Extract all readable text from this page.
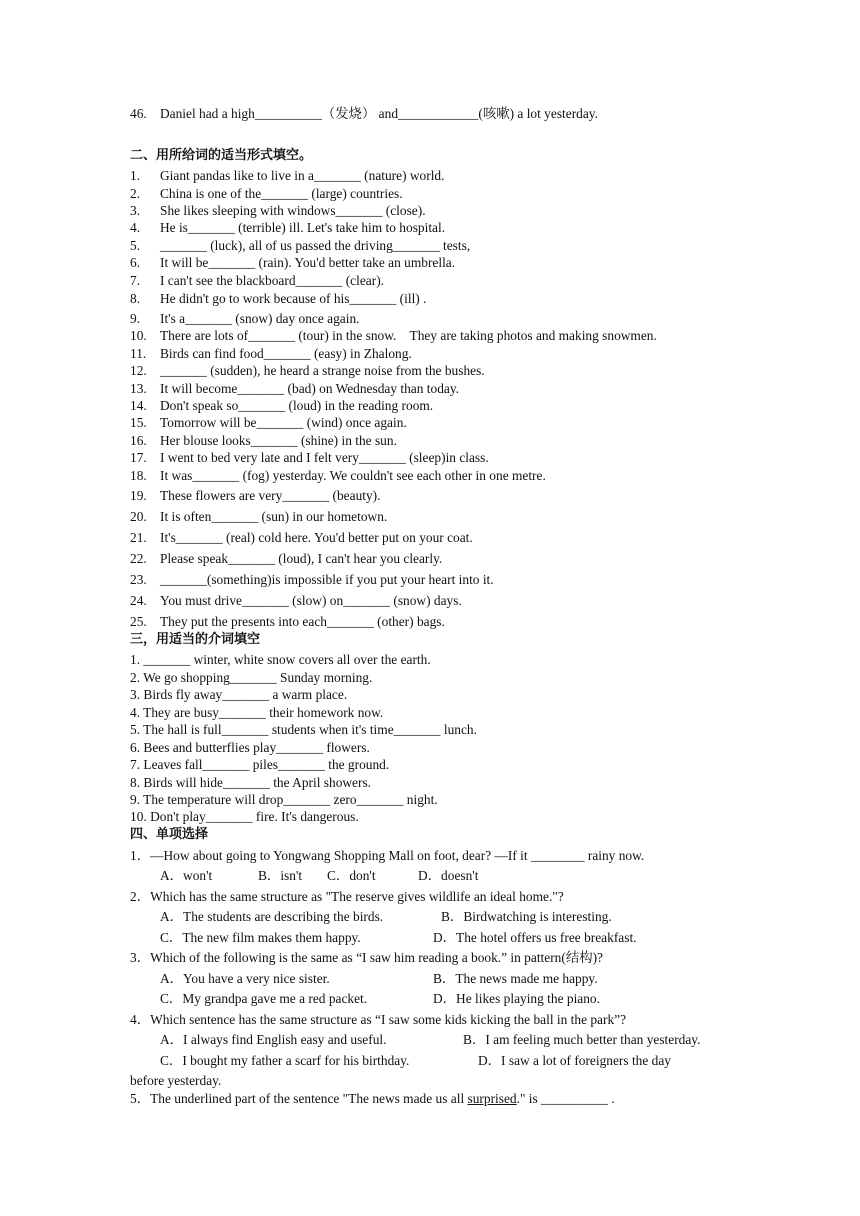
46. Daniel had a high__________（发烧） and____________(咳嗽) a lot yesterday.
二、用所给词的适当形式填空。
1. Giant pandas like to live in a_______ (nature) world.
2. China is one of the_______ (large) countries.
3. She likes sleeping with windows_______ (close).
4. He is_______ (terrible) ill. Let's take him to hospital.
5. _______ (luck), all of us passed the driving_______ tests,
6. It will be_______ (rain). You'd better take an umbrella.
7. I can't see the blackboard_______ (clear).
8. He didn't go to work because of his_______ (ill) .
9. It's a_______ (snow) day once again.
10. There are lots of_______ (tour) in the snow.    They are taking photos and making snowmen.
11. Birds can find food_______ (easy) in Zhalong.
12. _______ (sudden), he heard a strange noise from the bushes.
13. It will become_______ (bad) on Wednesday than today.
14. Don't speak so_______ (loud) in the reading room.
15. Tomorrow will be_______ (wind) once again.
16. Her blouse looks_______ (shine) in the sun.
17. I went to bed very late and I felt very_______ (sleep)in class.
18. It was_______ (fog) yesterday. We couldn't see each other in one metre.
19. These flowers are very_______ (beauty).
20. It is often_______ (sun) in our hometown.
21. It's_______ (real) cold here. You'd better put on your coat.
22. Please speak_______ (loud), I can't hear you clearly.
23. _______(something)is impossible if you put your heart into it.
24. You must drive_______ (slow) on_______ (snow) days.
25. They put the presents into each_______ (other) bags.
三，用适当的介词填空
1. _______ winter, white snow covers all over the earth.
2. We go shopping_______ Sunday morning.
3. Birds fly away_______ a warm place.
4. They are busy_______ their homework now.
5. The hall is full_______ students when it's time_______ lunch.
6. Bees and butterflies play_______ flowers.
7. Leaves fall_______ piles_______ the ground.
8. Birds will hide_______ the April showers.
9. The temperature will drop_______ zero_______ night.
10. Don't play_______ fire. It's dangerous.
四、单项选择
1．—How about going to Yongwang Shopping Mall on foot, dear? —If it ________ rainy now.
A．won't	B．isn't C．don't	D．doesn't
2．Which has the same structure as "The reserve gives wildlife an ideal home."?
A．The students are describing the birds.	B．Birdwatching is interesting.
C．The new film makes them happy.	D．The hotel offers us free breakfast.
3．Which of the following is the same as “I saw him reading a book.” in pattern(结构)?
A．You have a very nice sister.	B．The news made me happy.
C．My grandpa gave me a red packet.	D．He likes playing the piano.
4．Which sentence has the same structure as “I saw some kids kicking the ball in the park”?
A．I always find English easy and useful.	B．I am feeling much better than yesterday.
C．I bought my father a scarf for his birthday.	D．I saw a lot of foreigners the day
before yesterday.
5．The underlined part of the sentence "The news made us all surprised." is __________ .
